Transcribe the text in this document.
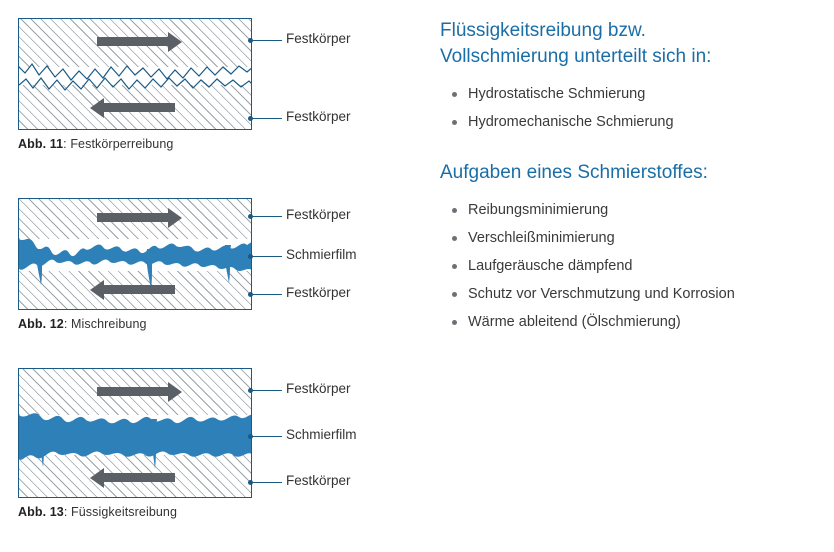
Festkörper
Festkörper
Abb. 11: Festkörperreibung
Festkörper
Schmierfilm
Festkörper
Abb. 12: Mischreibung
Festkörper
Schmierfilm
Festkörper
Abb. 13: Füssigkeitsreibung
Flüssigkeitsreibung bzw.
Vollschmierung unterteilt sich in:
Hydrostatische Schmierung
Hydromechanische Schmierung
Aufgaben eines Schmierstoffes:
Reibungsminimierung
Verschleißminimierung
Laufgeräusche dämpfend
Schutz vor Verschmutzung und Korrosion
Wärme ableitend (Ölschmierung)
